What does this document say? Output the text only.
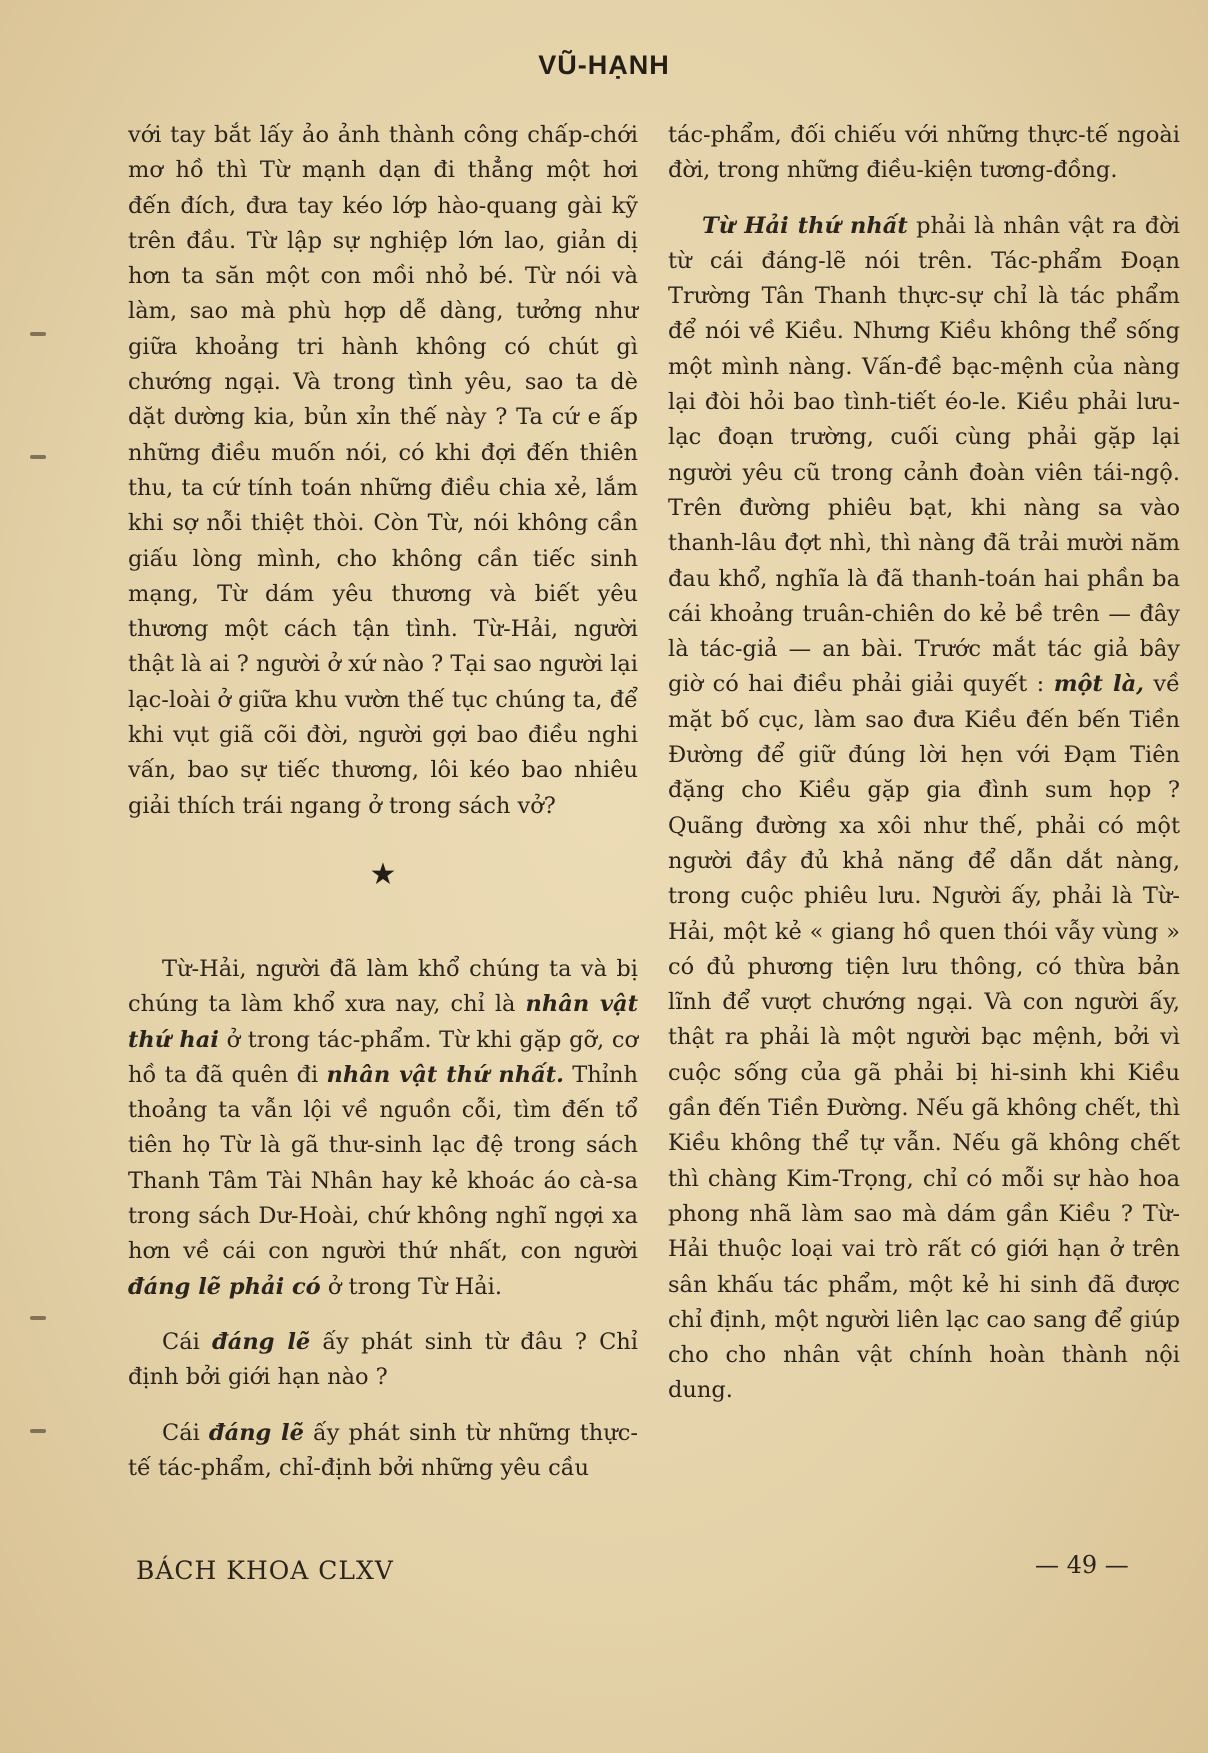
VŨ-HẠNH

với tay bắt lấy ảo ảnh thành công chấp-chới mơ hồ thì Từ mạnh dạn đi thẳng một hơi đến đích, đưa tay kéo lớp hào-quang gài kỹ trên đầu. Từ lập sự nghiệp lớn lao, giản dị hơn ta săn một con mồi nhỏ bé. Từ nói và làm, sao mà phù hợp dễ dàng, tưởng như giữa khoảng tri hành không có chút gì chướng ngại. Và trong tình yêu, sao ta dè dặt dường kia, bủn xỉn thế này ? Ta cứ e ấp những điều muốn nói, có khi đợi đến thiên thu, ta cứ tính toán những điều chia xẻ, lắm khi sợ nỗi thiệt thòi. Còn Từ, nói không cần giấu lòng mình, cho không cần tiếc sinh mạng, Từ dám yêu thương và biết yêu thương một cách tận tình. Từ-Hải, người thật là ai ? người ở xứ nào ? Tại sao người lại lạc-loài ở giữa khu vườn thế tục chúng ta, để khi vụt giã cõi đời, người gợi bao điều nghi vấn, bao sự tiếc thương, lôi kéo bao nhiêu giải thích trái ngang ở trong sách vở?

★

Từ-Hải, người đã làm khổ chúng ta và bị chúng ta làm khổ xưa nay, chỉ là nhân vật thứ hai ở trong tác-phẩm. Từ khi gặp gỡ, cơ hồ ta đã quên đi nhân vật thứ nhất. Thỉnh thoảng ta vẫn lội về nguồn cỗi, tìm đến tổ tiên họ Từ là gã thư-sinh lạc đệ trong sách Thanh Tâm Tài Nhân hay kẻ khoác áo cà-sa trong sách Dư-Hoài, chứ không nghĩ ngợi xa hơn về cái con người thứ nhất, con người đáng lẽ phải có ở trong Từ Hải.

Cái đáng lẽ ấy phát sinh từ đâu ? Chỉ định bởi giới hạn nào ?

Cái đáng lẽ ấy phát sinh từ những thực-tế tác-phẩm, chỉ-định bởi những yêu cầu

tác-phẩm, đối chiếu với những thực-tế ngoài đời, trong những điều-kiện tương-đồng.

Từ Hải thứ nhất phải là nhân vật ra đời từ cái đáng-lẽ nói trên. Tác-phẩm Đoạn Trường Tân Thanh thực-sự chỉ là tác phẩm để nói về Kiều. Nhưng Kiều không thể sống một mình nàng. Vấn-đề bạc-mệnh của nàng lại đòi hỏi bao tình-tiết éo-le. Kiều phải lưu-lạc đoạn trường, cuối cùng phải gặp lại người yêu cũ trong cảnh đoàn viên tái-ngộ. Trên đường phiêu bạt, khi nàng sa vào thanh-lâu đợt nhì, thì nàng đã trải mười năm đau khổ, nghĩa là đã thanh-toán hai phần ba cái khoảng truân-chiên do kẻ bề trên — đây là tác-giả — an bài. Trước mắt tác giả bây giờ có hai điều phải giải quyết : một là, về mặt bố cục, làm sao đưa Kiều đến bến Tiền Đường để giữ đúng lời hẹn với Đạm Tiên đặng cho Kiều gặp gia đình sum họp ? Quãng đường xa xôi như thế, phải có một người đầy đủ khả năng để dẫn dắt nàng, trong cuộc phiêu lưu. Người ấy, phải là Từ-Hải, một kẻ « giang hồ quen thói vẫy vùng » có đủ phương tiện lưu thông, có thừa bản lĩnh để vượt chướng ngại. Và con người ấy, thật ra phải là một người bạc mệnh, bởi vì cuộc sống của gã phải bị hi-sinh khi Kiều gần đến Tiền Đường. Nếu gã không chết, thì Kiều không thể tự vẫn. Nếu gã không chết thì chàng Kim-Trọng, chỉ có mỗi sự hào hoa phong nhã làm sao mà dám gần Kiều ? Từ-Hải thuộc loại vai trò rất có giới hạn ở trên sân khấu tác phẩm, một kẻ hi sinh đã được chỉ định, một người liên lạc cao sang để giúp cho cho nhân vật chính hoàn thành nội dung.

BÁCH KHOA CLXV	— 49 —
